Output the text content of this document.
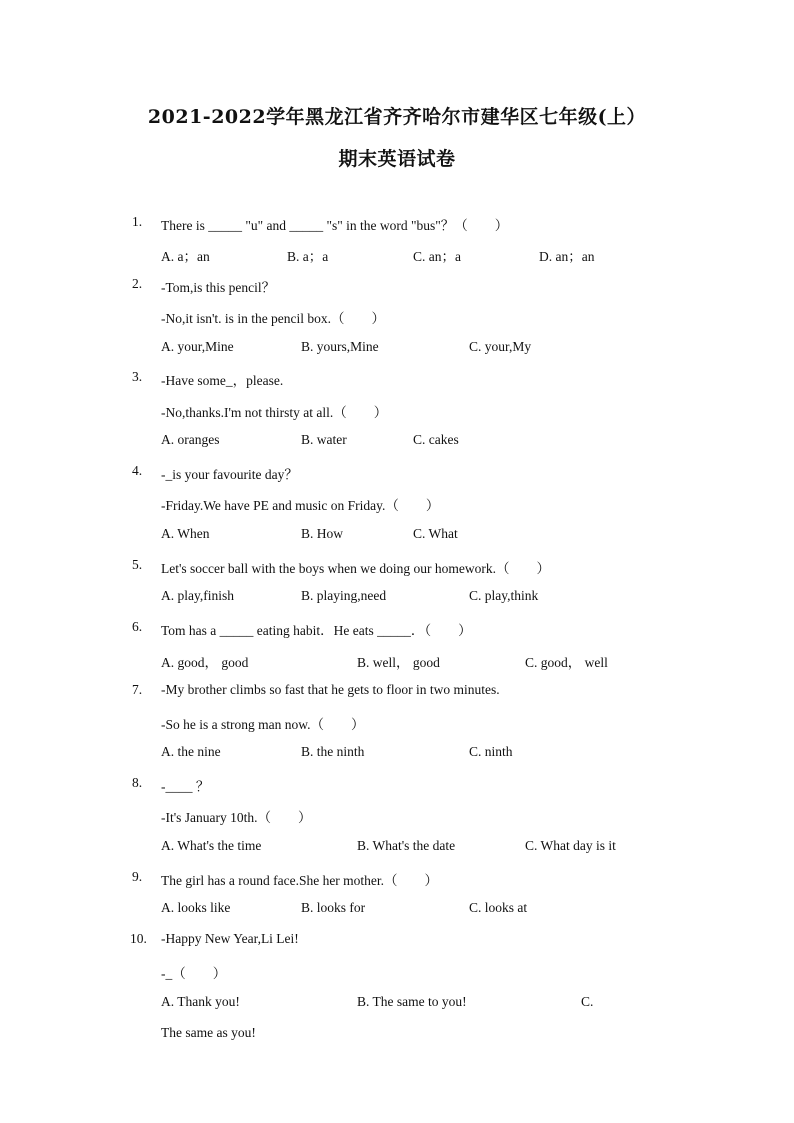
2021-2022学年黑龙江省齐齐哈尔市建华区七年级(上）
期末英语试卷
1. There is _____ "u" and _____ "s" in the word "bus"？（　　）
A. a；an	B. a；a	C. an；a	D. an；an
2. -Tom,is this pencil？
-No,it isn't. is in the pencil box.（　　）
A. your,Mine	B. yours,Mine	C. your,My
3. -Have some_，please.
-No,thanks.I'm not thirsty at all.（　　）
A. oranges	B. water	C. cakes
4. -_is your favourite day？
-Friday.We have PE and music on Friday.（　　）
A. When	B. How	C. What
5. Let's soccer ball with the boys when we doing our homework.（　　）
A. play,finish	B. playing,need	C. play,think
6. Tom has a _____ eating habit．He eats _____．（　　）
A. good， good	B. well， good	C. good， well
7. -My brother climbs so fast that he gets to floor in two minutes.
-So he is a strong man now.（　　）
A. the nine	B. the ninth	C. ninth
8. -____ ？
-It's January 10th.（　　）
A. What's the time	B. What's the date	C. What day is it
9. The girl has a round face.She her mother.（　　）
A. looks like	B. looks for	C. looks at
10. -Happy New Year,Li Lei!
-_（　　）
A. Thank you!	B. The same to you!	C.
The same as you!
